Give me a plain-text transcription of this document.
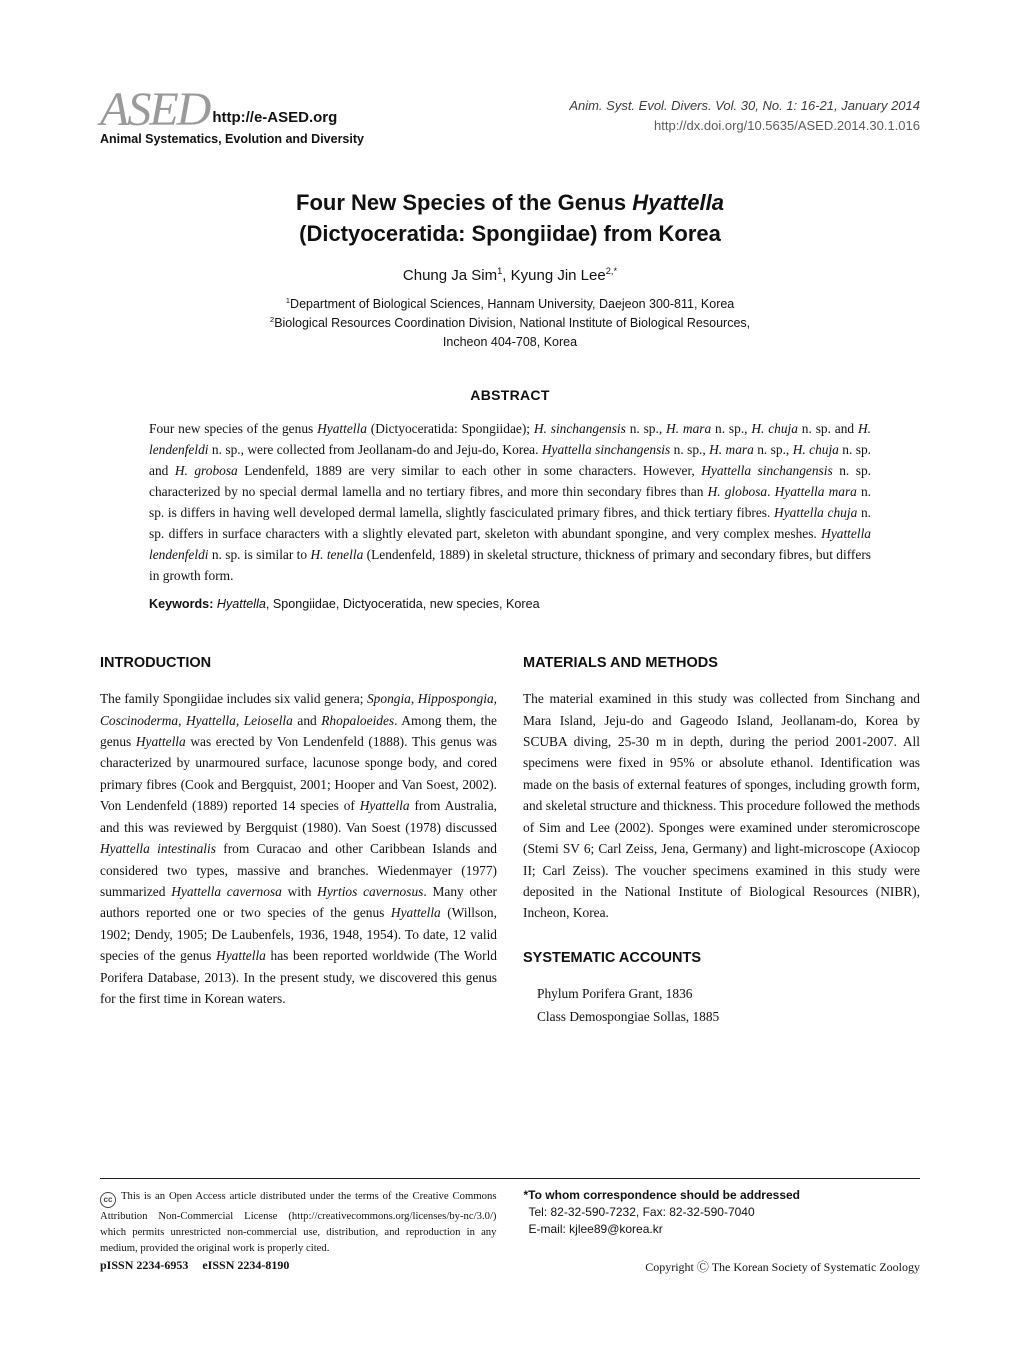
ASED http://e-ASED.org
Animal Systematics, Evolution and Diversity
Anim. Syst. Evol. Divers. Vol. 30, No. 1: 16-21, January 2014
http://dx.doi.org/10.5635/ASED.2014.30.1.016
Four New Species of the Genus Hyattella
(Dictyoceratida: Spongiidae) from Korea
Chung Ja Sim$^1$, Kyung Jin Lee$^{2,*}$
$^1$Department of Biological Sciences, Hannam University, Daejeon 300-811, Korea
$^2$Biological Resources Coordination Division, National Institute of Biological Resources,
Incheon 404-708, Korea
ABSTRACT
Four new species of the genus Hyattella (Dictyoceratida: Spongiidae); H. sinchangensis n. sp., H. mara n. sp., H. chuja n. sp. and H. lendenfeldi n. sp., were collected from Jeollanam-do and Jeju-do, Korea. Hyattella sinchangensis n. sp., H. mara n. sp., H. chuja n. sp. and H. grobosa Lendenfeld, 1889 are very similar to each other in some characters. However, Hyattella sinchangensis n. sp. characterized by no special dermal lamella and no tertiary fibres, and more thin secondary fibres than H. globosa. Hyattella mara n. sp. is differs in having well developed dermal lamella, slightly fasciculated primary fibres, and thick tertiary fibres. Hyattella chuja n. sp. differs in surface characters with a slightly elevated part, skeleton with abundant spongine, and very complex meshes. Hyattella lendenfeldi n. sp. is similar to H. tenella (Lendenfeld, 1889) in skeletal structure, thickness of primary and secondary fibres, but differs in growth form.
Keywords: Hyattella, Spongiidae, Dictyoceratida, new species, Korea
INTRODUCTION
The family Spongiidae includes six valid genera; Spongia, Hippospongia, Coscinoderma, Hyattella, Leiosella and Rhopaloeides. Among them, the genus Hyattella was erected by Von Lendenfeld (1888). This genus was characterized by unarmoured surface, lacunose sponge body, and cored primary fibres (Cook and Bergquist, 2001; Hooper and Van Soest, 2002). Von Lendenfeld (1889) reported 14 species of Hyattella from Australia, and this was reviewed by Bergquist (1980). Van Soest (1978) discussed Hyattella intestinalis from Curacao and other Caribbean Islands and considered two types, massive and branches. Wiedenmayer (1977) summarized Hyattella cavernosa with Hyrtios cavernosus. Many other authors reported one or two species of the genus Hyattella (Willson, 1902; Dendy, 1905; De Laubenfels, 1936, 1948, 1954). To date, 12 valid species of the genus Hyattella has been reported worldwide (The World Porifera Database, 2013). In the present study, we discovered this genus for the first time in Korean waters.
MATERIALS AND METHODS
The material examined in this study was collected from Sinchang and Mara Island, Jeju-do and Gageodo Island, Jeollanam-do, Korea by SCUBA diving, 25-30 m in depth, during the period 2001-2007. All specimens were fixed in 95% or absolute ethanol. Identification was made on the basis of external features of sponges, including growth form, and skeletal structure and thickness. This procedure followed the methods of Sim and Lee (2002). Sponges were examined under steromicroscope (Stemi SV 6; Carl Zeiss, Jena, Germany) and light-microscope (Axiocop II; Carl Zeiss). The voucher specimens examined in this study were deposited in the National Institute of Biological Resources (NIBR), Incheon, Korea.
SYSTEMATIC ACCOUNTS
Phylum Porifera Grant, 1836
Class Demospongiae Sollas, 1885
cc This is an Open Access article distributed under the terms of the Creative Commons Attribution Non-Commercial License (http://creativecommons.org/licenses/by-nc/3.0/) which permits unrestricted non-commercial use, distribution, and reproduction in any medium, provided the original work is properly cited.
*To whom correspondence should be addressed
Tel: 82-32-590-7232, Fax: 82-32-590-7040
E-mail: kjlee89@korea.kr
pISSN 2234-6953 eISSN 2234-8190	Copyright Ⓒ The Korean Society of Systematic Zoology
